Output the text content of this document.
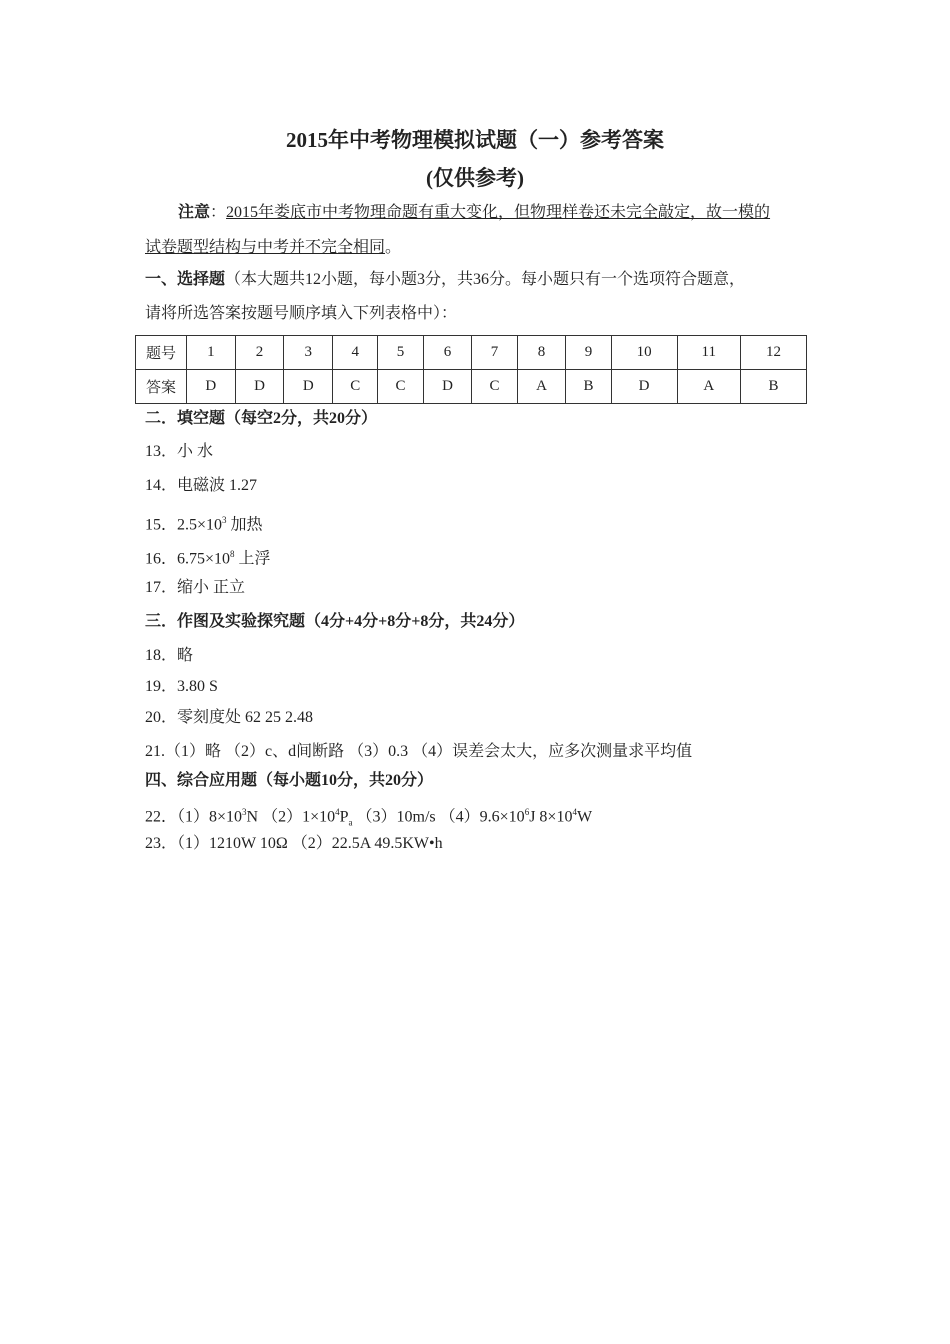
2015年中考物理模拟试题（一）参考答案
(仅供参考)
注意：2015年娄底市中考物理命题有重大变化，但物理样卷还未完全敲定，故一模的
试卷题型结构与中考并不完全相同。
一、选择题（本大题共12小题，每小题3分，共36分。每小题只有一个选项符合题意，
请将所选答案按题号顺序填入下列表格中）：
题号	1	2	3	4	5	6	7	8	9	10	11	12
答案	D	D	D	C	C	D	C	A	B	D	A	B
二．填空题（每空2分，共20分）
13．小 水
14．电磁波 1.27
15．$2.5\times 10^3$ 加热
16．$6.75\times 10^8$ 上浮
17．缩小 正立
三．作图及实验探究题（4分+4分+8分+8分，共24分）
18．略
19．3.80 S
20．零刻度处 62 25 2.48
21.（1）略 （2）c、d间断路 （3）0.3 （4）误差会太大，应多次测量求平均值
四、综合应用题（每小题10分，共20分）
22．$(1)8\times 10^3N$ $(2)1\times 10^4P_a$ （3）10m/s $(4)9.6\times 10^6J$ $8\times 10^4W$
23．（1）1210W 10Ω （2）22.5A 49.5KW•h
